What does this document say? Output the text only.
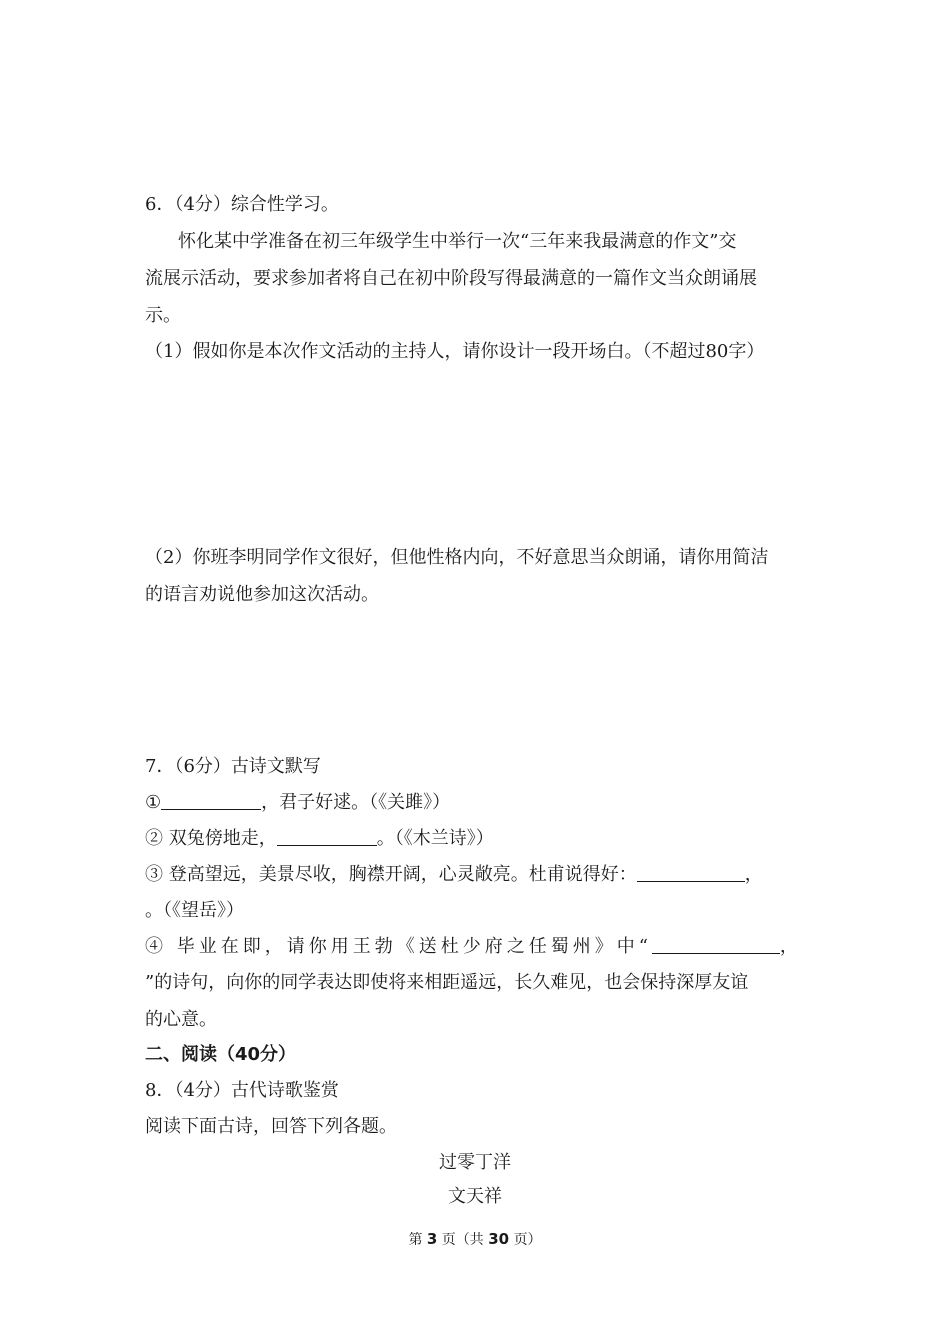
6．（4分）综合性学习。
怀化某中学准备在初三年级学生中举行一次“三年来我最满意的作文”交
流展示活动，要求参加者将自己在初中阶段写得最满意的一篇作文当众朗诵展
示。
（1）假如你是本次作文活动的主持人，请你设计一段开场白。（不超过80字）
（2）你班李明同学作文很好，但他性格内向，不好意思当众朗诵，请你用简洁
的语言劝说他参加这次活动。
7．（6分）古诗文默写
①	，君子好逑。（《关雎》）
② 双兔傍地走，	。（《木兰诗》）
③ 登高望远，美景尽收，胸襟开阔，心灵敞亮。杜甫说得好：	，
。（《望岳》）
④ 毕业在即，请你用王勃《送杜少府之任蜀州》中“	，
”的诗句，向你的同学表达即使将来相距遥远，长久难见，也会保持深厚友谊
的心意。
二、阅读（40分）
8．（4分）古代诗歌鉴赏
阅读下面古诗，回答下列各题。
过零丁洋
文天祥
第 3 页（共 30 页）
